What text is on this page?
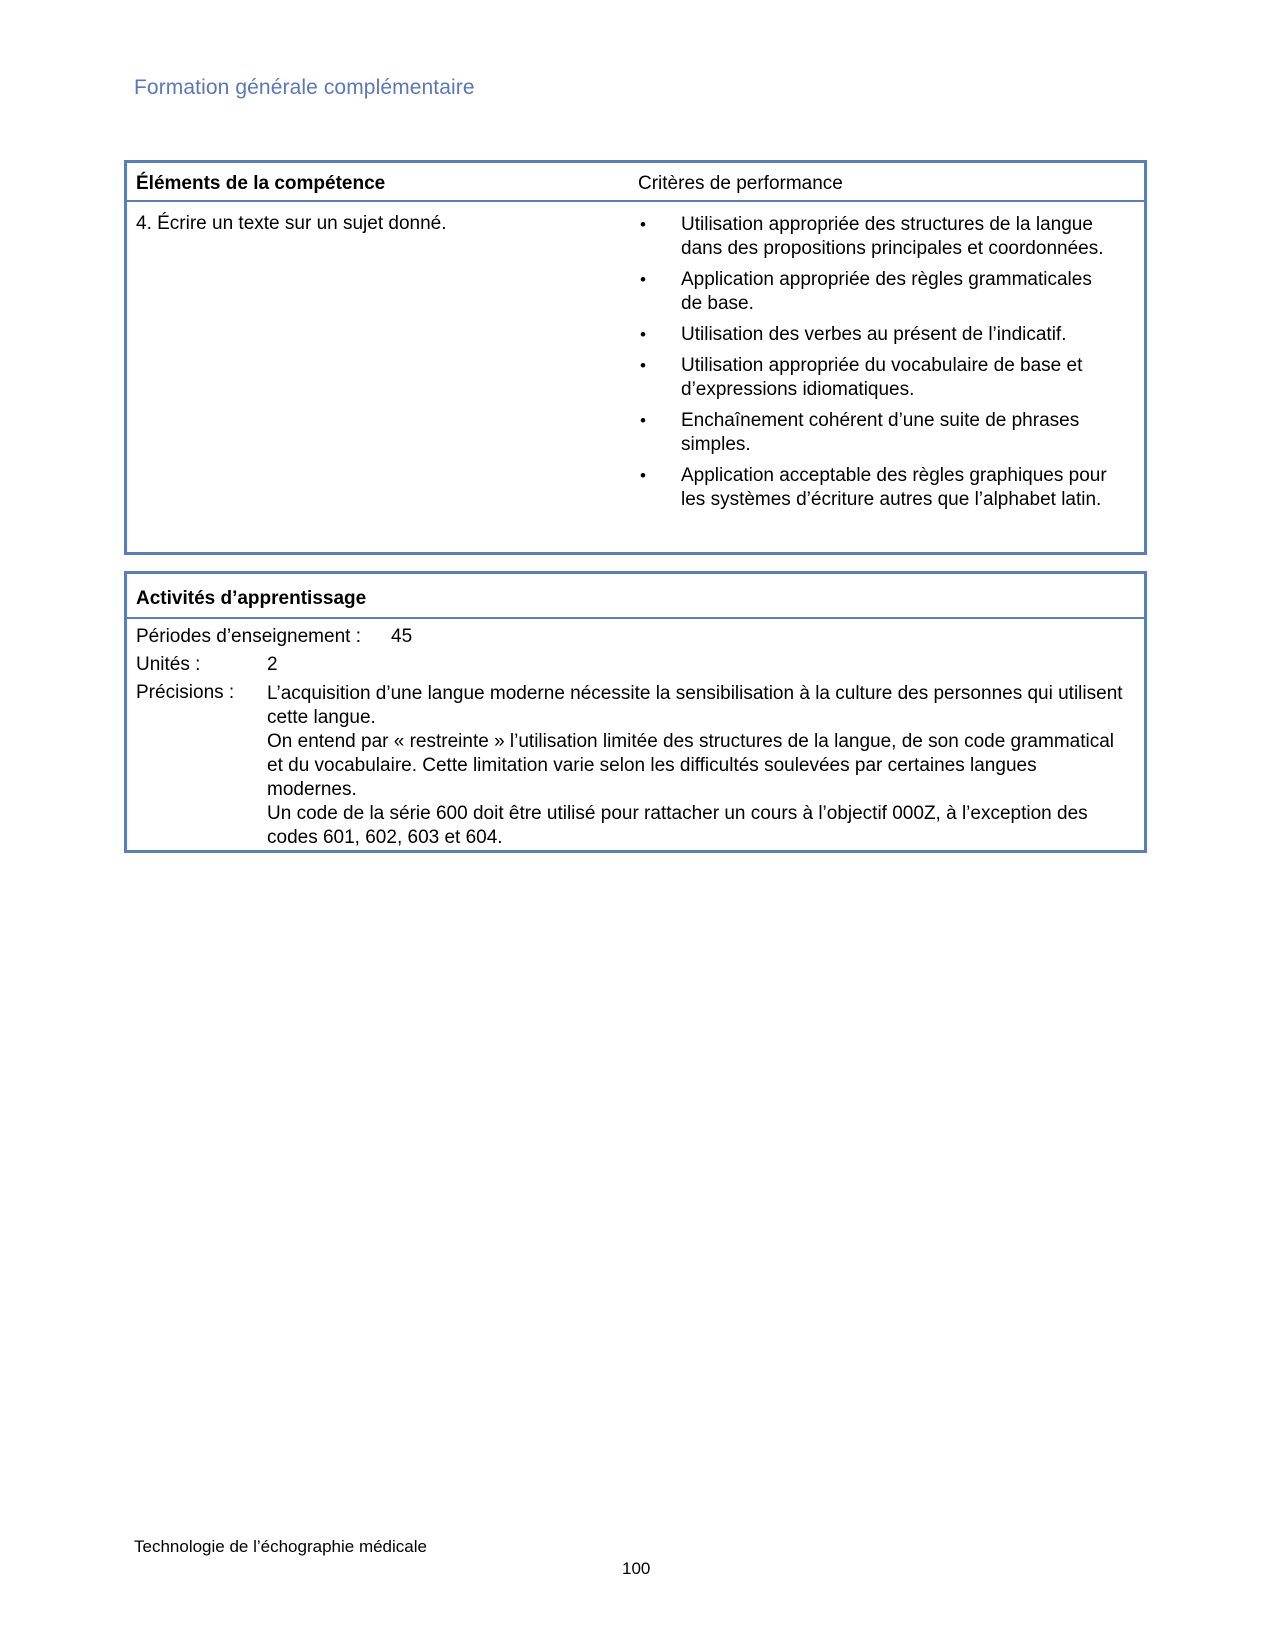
Formation générale complémentaire
Éléments de la compétence	Critères de performance
4. Écrire un texte sur un sujet donné.	• Utilisation appropriée des structures de la langue dans des propositions principales et coordonnées.
• Application appropriée des règles grammaticales de base.
• Utilisation des verbes au présent de l’indicatif.
• Utilisation appropriée du vocabulaire de base et d’expressions idiomatiques.
• Enchaînement cohérent d’une suite de phrases simples.
• Application acceptable des règles graphiques pour les systèmes d’écriture autres que l’alphabet latin.
Activités d’apprentissage
Périodes d’enseignement : 45
Unités :	2
Précisions : L’acquisition d’une langue moderne nécessite la sensibilisation à la culture des personnes qui utilisent cette langue.

On entend par « restreinte » l’utilisation limitée des structures de la langue, de son code grammatical et du vocabulaire. Cette limitation varie selon les difficultés soulevées par certaines langues modernes.

Un code de la série 600 doit être utilisé pour rattacher un cours à l’objectif 000Z, à l’exception des codes 601, 602, 603 et 604.

Technologie de l’échographie médicale
100
